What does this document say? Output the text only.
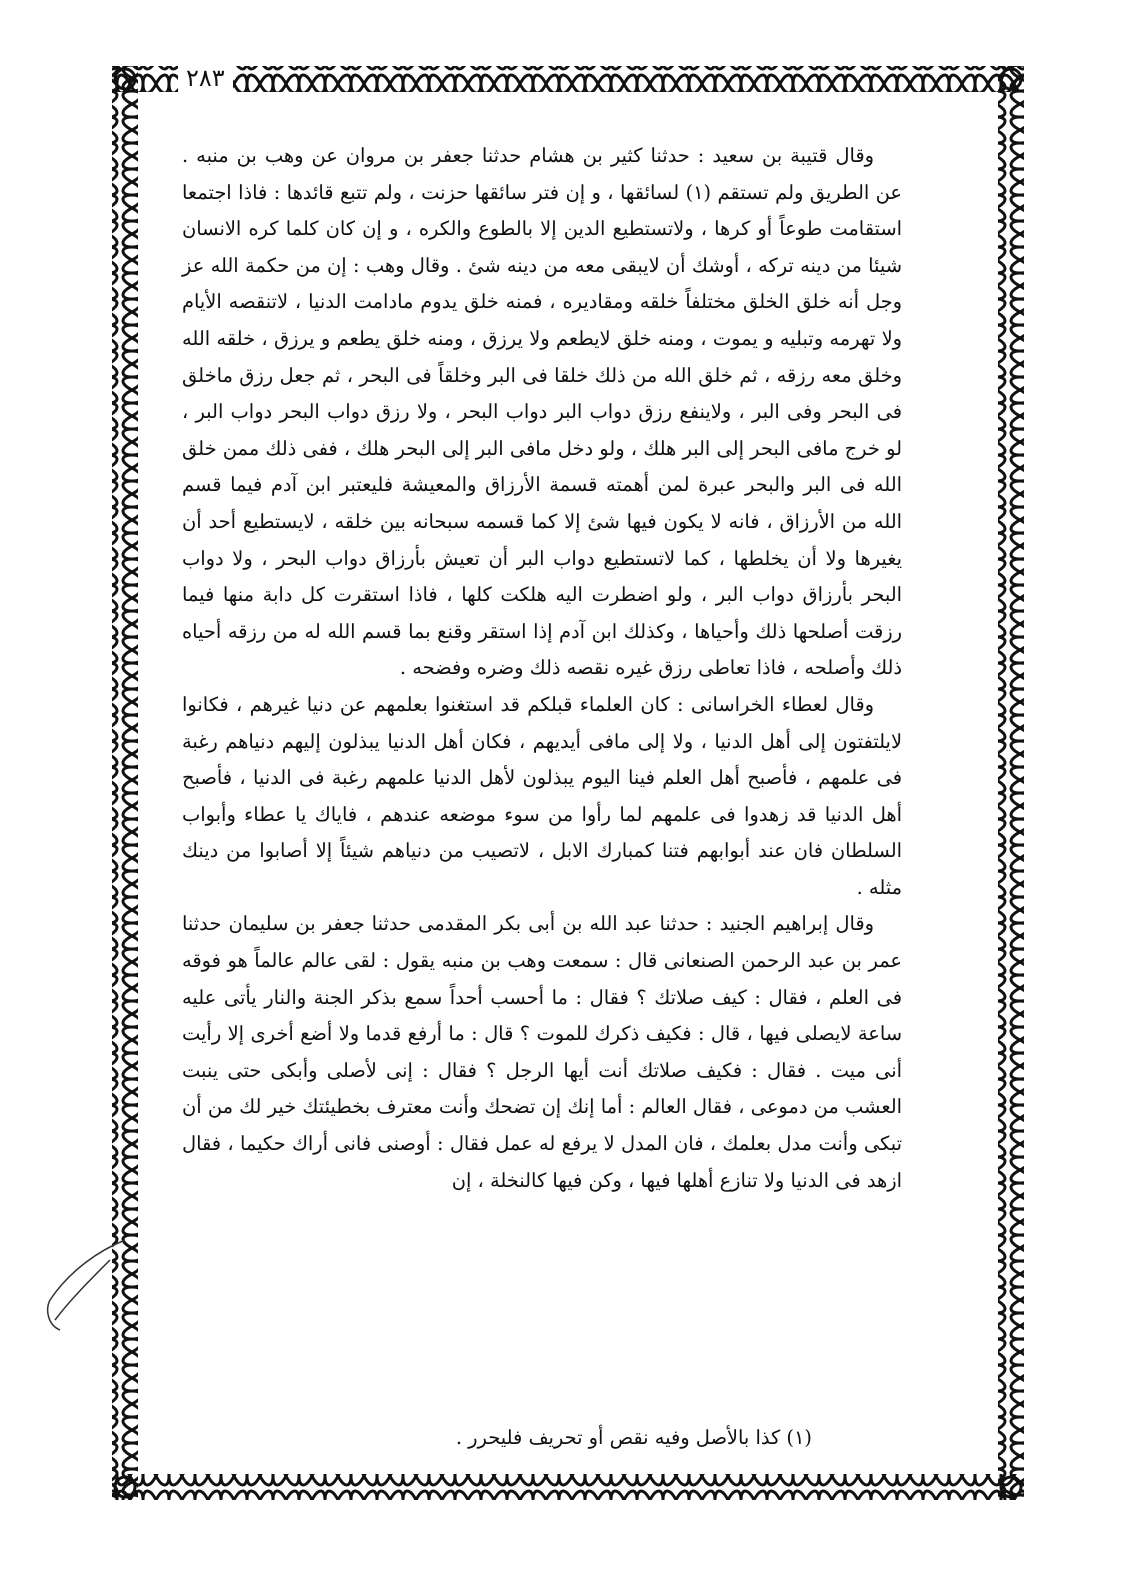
٢٨٣

وقال قتيبة بن سعيد : حدثنا كثير بن هشام حدثنا جعفر بن مروان عن وهب بن منبه . عن الطريق ولم تستقم (١) لسائقها ، و إن فتر سائقها حزنت ، ولم تتبع قائدها : فاذا اجتمعا استقامت طوعاً أو كرها ، ولاتستطيع الدين إلا بالطوع والكره ، و إن كان كلما كره الانسان شيئا من دينه تركه ، أوشك أن لايبقى معه من دينه شئ . وقال وهب : إن من حكمة الله عز وجل أنه خلق الخلق مختلفاً خلقه ومقاديره ، فمنه خلق يدوم مادامت الدنيا ، لاتنقصه الأيام ولا تهرمه وتبليه و يموت ، ومنه خلق لايطعم ولا يرزق ، ومنه خلق يطعم و يرزق ، خلقه الله وخلق معه رزقه ، ثم خلق الله من ذلك خلقا فى البر وخلقاً فى البحر ، ثم جعل رزق ماخلق فى البحر وفى البر ، ولاينفع رزق دواب البر دواب البحر ، ولا رزق دواب البحر دواب البر ، لو خرج مافى البحر إلى البر هلك ، ولو دخل مافى البر إلى البحر هلك ، ففى ذلك ممن خلق الله فى البر والبحر عبرة لمن أهمته قسمة الأرزاق والمعيشة فليعتبر ابن آدم فيما قسم الله من الأرزاق ، فانه لا يكون فيها شئ إلا كما قسمه سبحانه بين خلقه ، لايستطيع أحد أن يغيرها ولا أن يخلطها ، كما لاتستطيع دواب البر أن تعيش بأرزاق دواب البحر ، ولا دواب البحر بأرزاق دواب البر ، ولو اضطرت اليه هلكت كلها ، فاذا استقرت كل دابة منها فيما رزقت أصلحها ذلك وأحياها ، وكذلك ابن آدم إذا استقر وقنع بما قسم الله له من رزقه أحياه ذلك وأصلحه ، فاذا تعاطى رزق غيره نقصه ذلك وضره وفضحه .

وقال لعطاء الخراسانى : كان العلماء قبلكم قد استغنوا بعلمهم عن دنيا غيرهم ، فكانوا لايلتفتون إلى أهل الدنيا ، ولا إلى مافى أيديهم ، فكان أهل الدنيا يبذلون إليهم دنياهم رغبة فى علمهم ، فأصبح أهل العلم فينا اليوم يبذلون لأهل الدنيا علمهم رغبة فى الدنيا ، فأصبح أهل الدنيا قد زهدوا فى علمهم لما رأوا من سوء موضعه عندهم ، فاياك يا عطاء وأبواب السلطان فان عند أبوابهم فتنا كمبارك الابل ، لاتصيب من دنياهم شيئاً إلا أصابوا من دينك مثله .

وقال إبراهيم الجنيد : حدثنا عبد الله بن أبى بكر المقدمى حدثنا جعفر بن سليمان حدثنا عمر بن عبد الرحمن الصنعانى قال : سمعت وهب بن منبه يقول : لقى عالم عالماً هو فوقه فى العلم ، فقال : كيف صلاتك ؟ فقال : ما أحسب أحداً سمع بذكر الجنة والنار يأتى عليه ساعة لايصلى فيها ، قال : فكيف ذكرك للموت ؟ قال : ما أرفع قدما ولا أضع أخرى إلا رأيت أنى ميت . فقال : فكيف صلاتك أنت أيها الرجل ؟ فقال : إنى لأصلى وأبكى حتى ينبت العشب من دموعى ، فقال العالم : أما إنك إن تضحك وأنت معترف بخطيئتك خير لك من أن تبكى وأنت مدل بعلمك ، فان المدل لا يرفع له عمل فقال : أوصنى فانى أراك حكيما ، فقال ازهد فى الدنيا ولا تنازع أهلها فيها ، وكن فيها كالنخلة ، إن

(١) كذا بالأصل وفيه نقص أو تحريف فليحرر .
